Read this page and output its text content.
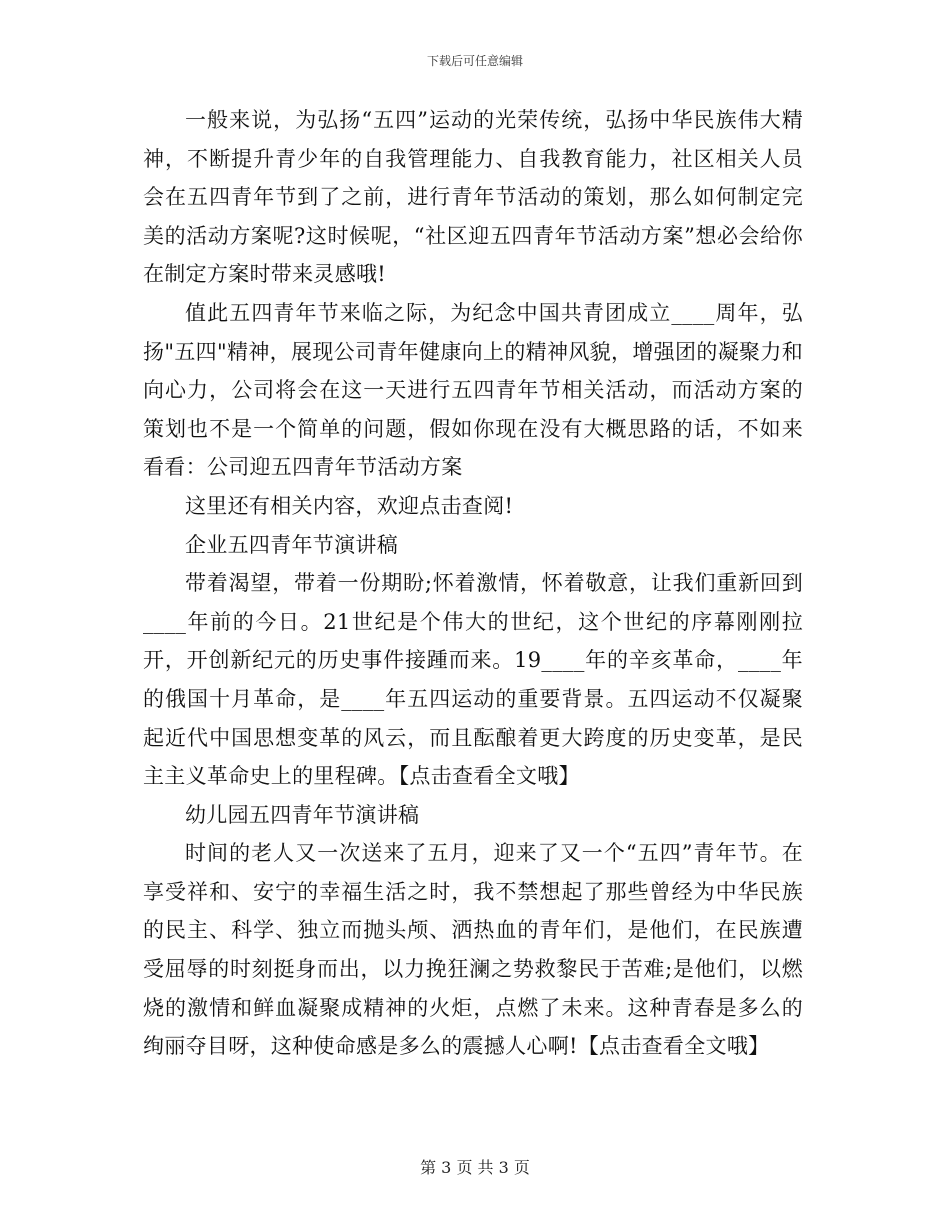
下载后可任意编辑

一般来说，为弘扬“五四”运动的光荣传统，弘扬中华民族伟大精神，不断提升青少年的自我管理能力、自我教育能力，社区相关人员会在五四青年节到了之前，进行青年节活动的策划，那么如何制定完美的活动方案呢?这时候呢，“社区迎五四青年节活动方案”想必会给你在制定方案时带来灵感哦!

值此五四青年节来临之际，为纪念中国共青团成立____周年，弘扬"五四"精神，展现公司青年健康向上的精神风貌，增强团的凝聚力和向心力，公司将会在这一天进行五四青年节相关活动，而活动方案的策划也不是一个简单的问题，假如你现在没有大概思路的话，不如来看看：公司迎五四青年节活动方案

这里还有相关内容，欢迎点击查阅!

企业五四青年节演讲稿

带着渴望，带着一份期盼;怀着激情，怀着敬意，让我们重新回到____年前的今日。21世纪是个伟大的世纪，这个世纪的序幕刚刚拉开，开创新纪元的历史事件接踵而来。19____年的辛亥革命，____年的俄国十月革命，是____年五四运动的重要背景。五四运动不仅凝聚起近代中国思想变革的风云，而且酝酿着更大跨度的历史变革，是民主主义革命史上的里程碑。【点击查看全文哦】

幼儿园五四青年节演讲稿

时间的老人又一次送来了五月，迎来了又一个“五四”青年节。在享受祥和、安宁的幸福生活之时，我不禁想起了那些曾经为中华民族的民主、科学、独立而抛头颅、洒热血的青年们，是他们，在民族遭受屈辱的时刻挺身而出，以力挽狂澜之势救黎民于苦难;是他们，以燃烧的激情和鲜血凝聚成精神的火炬，点燃了未来。这种青春是多么的绚丽夺目呀，这种使命感是多么的震撼人心啊!【点击查看全文哦】

第 3 页 共 3 页
